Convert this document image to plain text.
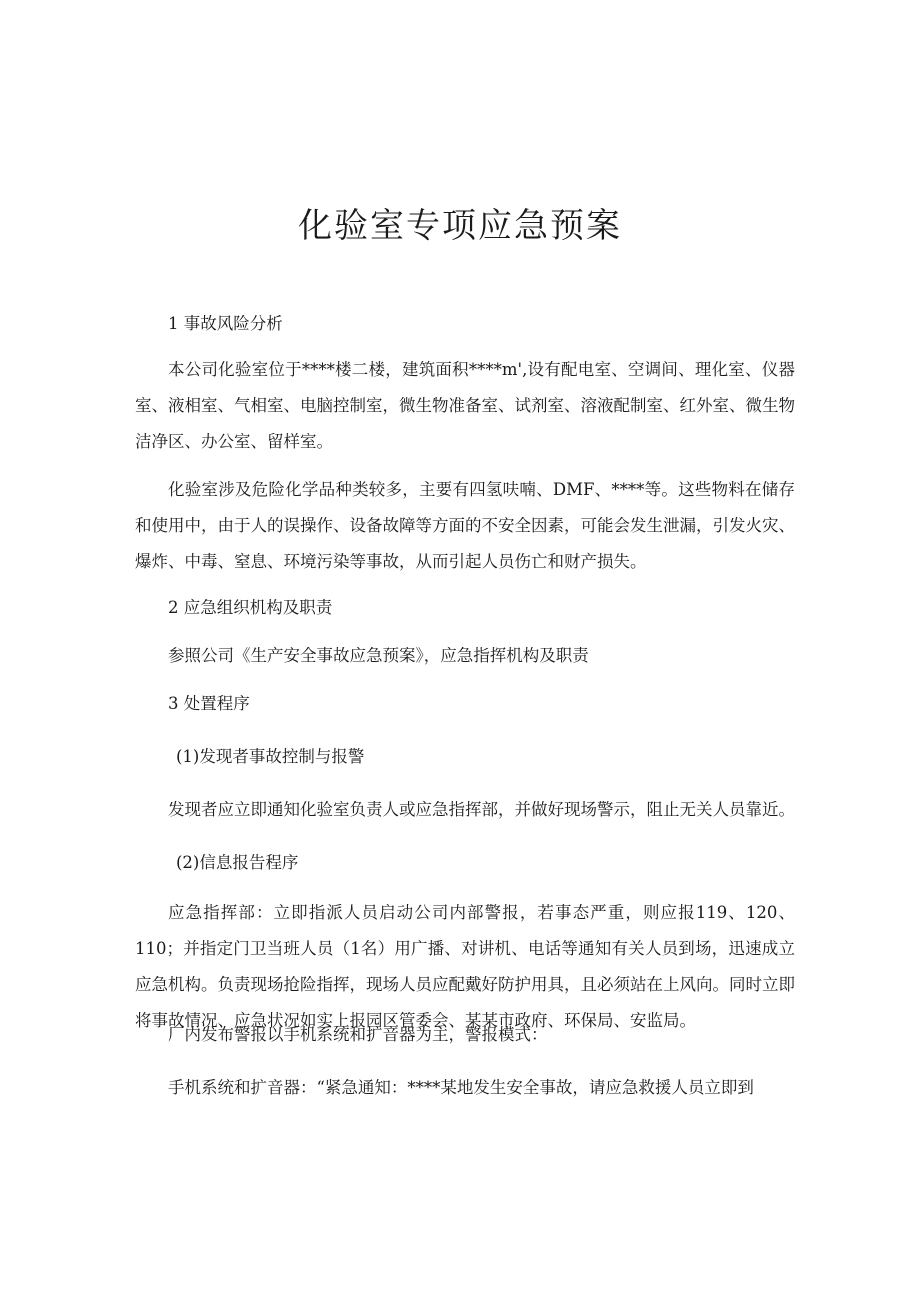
化验室专项应急预案

1 事故风险分析

本公司化验室位于****楼二楼，建筑面积****m',设有配电室、空调间、理化室、仪器室、液相室、气相室、电脑控制室，微生物准备室、试剂室、溶液配制室、红外室、微生物洁净区、办公室、留样室。

化验室涉及危险化学品种类较多，主要有四氢呋喃、DMF、****等。这些物料在储存和使用中，由于人的误操作、设备故障等方面的不安全因素，可能会发生泄漏，引发火灾、爆炸、中毒、窒息、环境污染等事故，从而引起人员伤亡和财产损失。

2 应急组织机构及职责

参照公司《生产安全事故应急预案》，应急指挥机构及职责

3 处置程序

(1)发现者事故控制与报警

发现者应立即通知化验室负责人或应急指挥部，并做好现场警示，阻止无关人员靠近。

(2)信息报告程序

应急指挥部：立即指派人员启动公司内部警报，若事态严重，则应报119、120、110；并指定门卫当班人员（1名）用广播、对讲机、电话等通知有关人员到场，迅速成立应急机构。负责现场抢险指挥，现场人员应配戴好防护用具，且必须站在上风向。同时立即将事故情况、应急状况如实上报园区管委会、某某市政府、环保局、安监局。

厂内发布警报以手机系统和扩音器为主，警报模式：

手机系统和扩音器：“紧急通知：****某地发生安全事故，请应急救援人员立即到
